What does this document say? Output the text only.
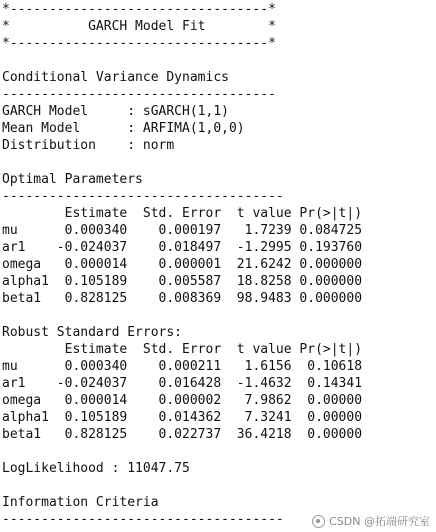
*---------------------------------*
*          GARCH Model Fit        *
*---------------------------------*
Conditional Variance Dynamics
-----------------------------------
GARCH Model     : sGARCH(1,1)
Mean Model      : ARFIMA(1,0,0)
Distribution    : norm
Optimal Parameters
------------------------------------
Estimate  Std. Error  t value Pr(>|t|)
mu      0.000340    0.000197   1.7239 0.084725
ar1    -0.024037    0.018497  -1.2995 0.193760
omega   0.000014    0.000001  21.6242 0.000000
alpha1  0.105189    0.005587  18.8258 0.000000
beta1   0.828125    0.008369  98.9483 0.000000
Robust Standard Errors:
Estimate  Std. Error  t value Pr(>|t|)
mu      0.000340    0.000211   1.6156  0.10618
ar1    -0.024037    0.016428  -1.4632  0.14341
omega   0.000014    0.000002   7.9862  0.00000
alpha1  0.105189    0.014362   7.3241  0.00000
beta1   0.828125    0.022737  36.4218  0.00000
LogLikelihood : 11047.75
Information Criteria
------------------------------------	CSDN @拓端研究室
